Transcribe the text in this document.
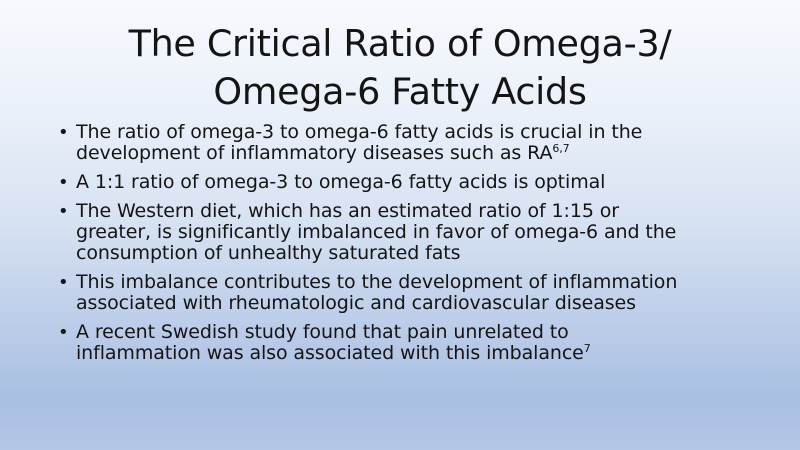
The Critical Ratio of Omega-3/
Omega-6 Fatty Acids
• The ratio of omega-3 to omega-6 fatty acids is crucial in the
development of inflammatory diseases such as RA$^{6,7}$
• A 1:1 ratio of omega-3 to omega-6 fatty acids is optimal
• The Western diet, which has an estimated ratio of 1:15 or
greater, is significantly imbalanced in favor of omega-6 and the
consumption of unhealthy saturated fats
• This imbalance contributes to the development of inflammation
associated with rheumatologic and cardiovascular diseases
• A recent Swedish study found that pain unrelated to
inflammation was also associated with this imbalance$^7$
